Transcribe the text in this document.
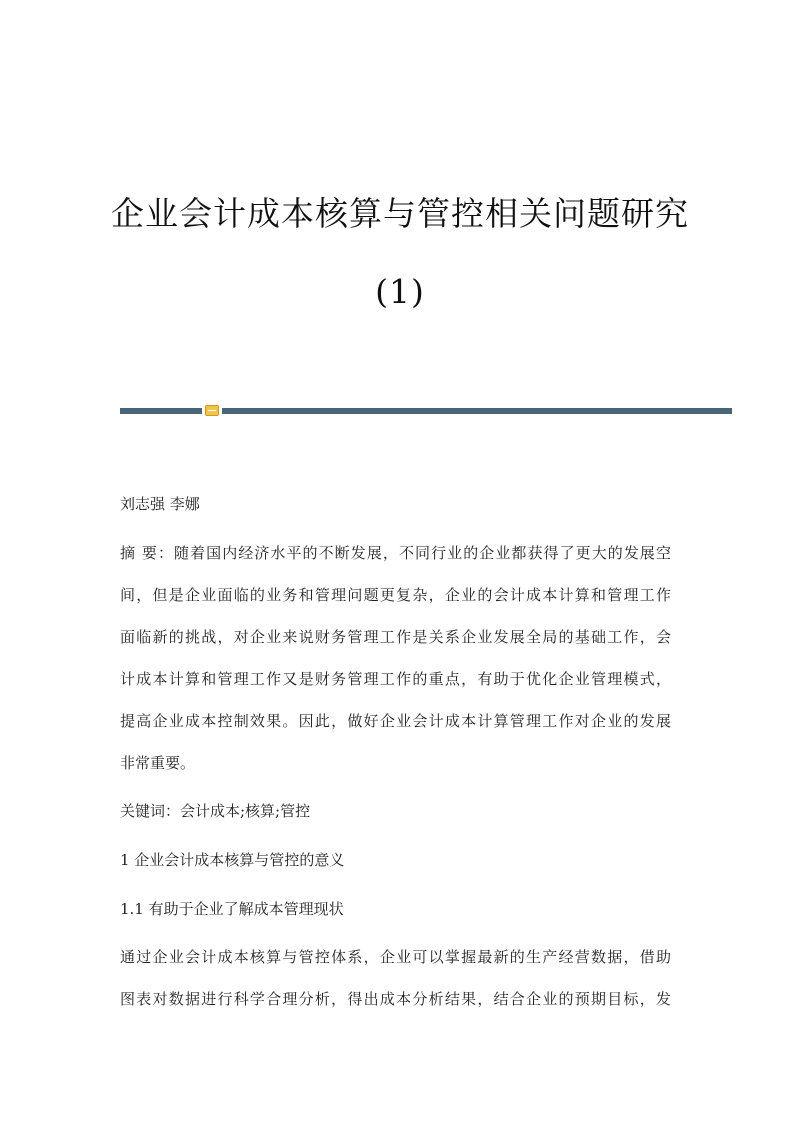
企业会计成本核算与管控相关问题研究
(1)
刘志强 李娜
摘 要：随着国内经济水平的不断发展，不同行业的企业都获得了更大的发展空
间，但是企业面临的业务和管理问题更复杂，企业的会计成本计算和管理工作
面临新的挑战，对企业来说财务管理工作是关系企业发展全局的基础工作，会
计成本计算和管理工作又是财务管理工作的重点，有助于优化企业管理模式，
提高企业成本控制效果。因此，做好企业会计成本计算管理工作对企业的发展
非常重要。
关键词：会计成本;核算;管控
1 企业会计成本核算与管控的意义
1.1 有助于企业了解成本管理现状
通过企业会计成本核算与管控体系，企业可以掌握最新的生产经营数据，借助
图表对数据进行科学合理分析，得出成本分析结果，结合企业的预期目标，发
